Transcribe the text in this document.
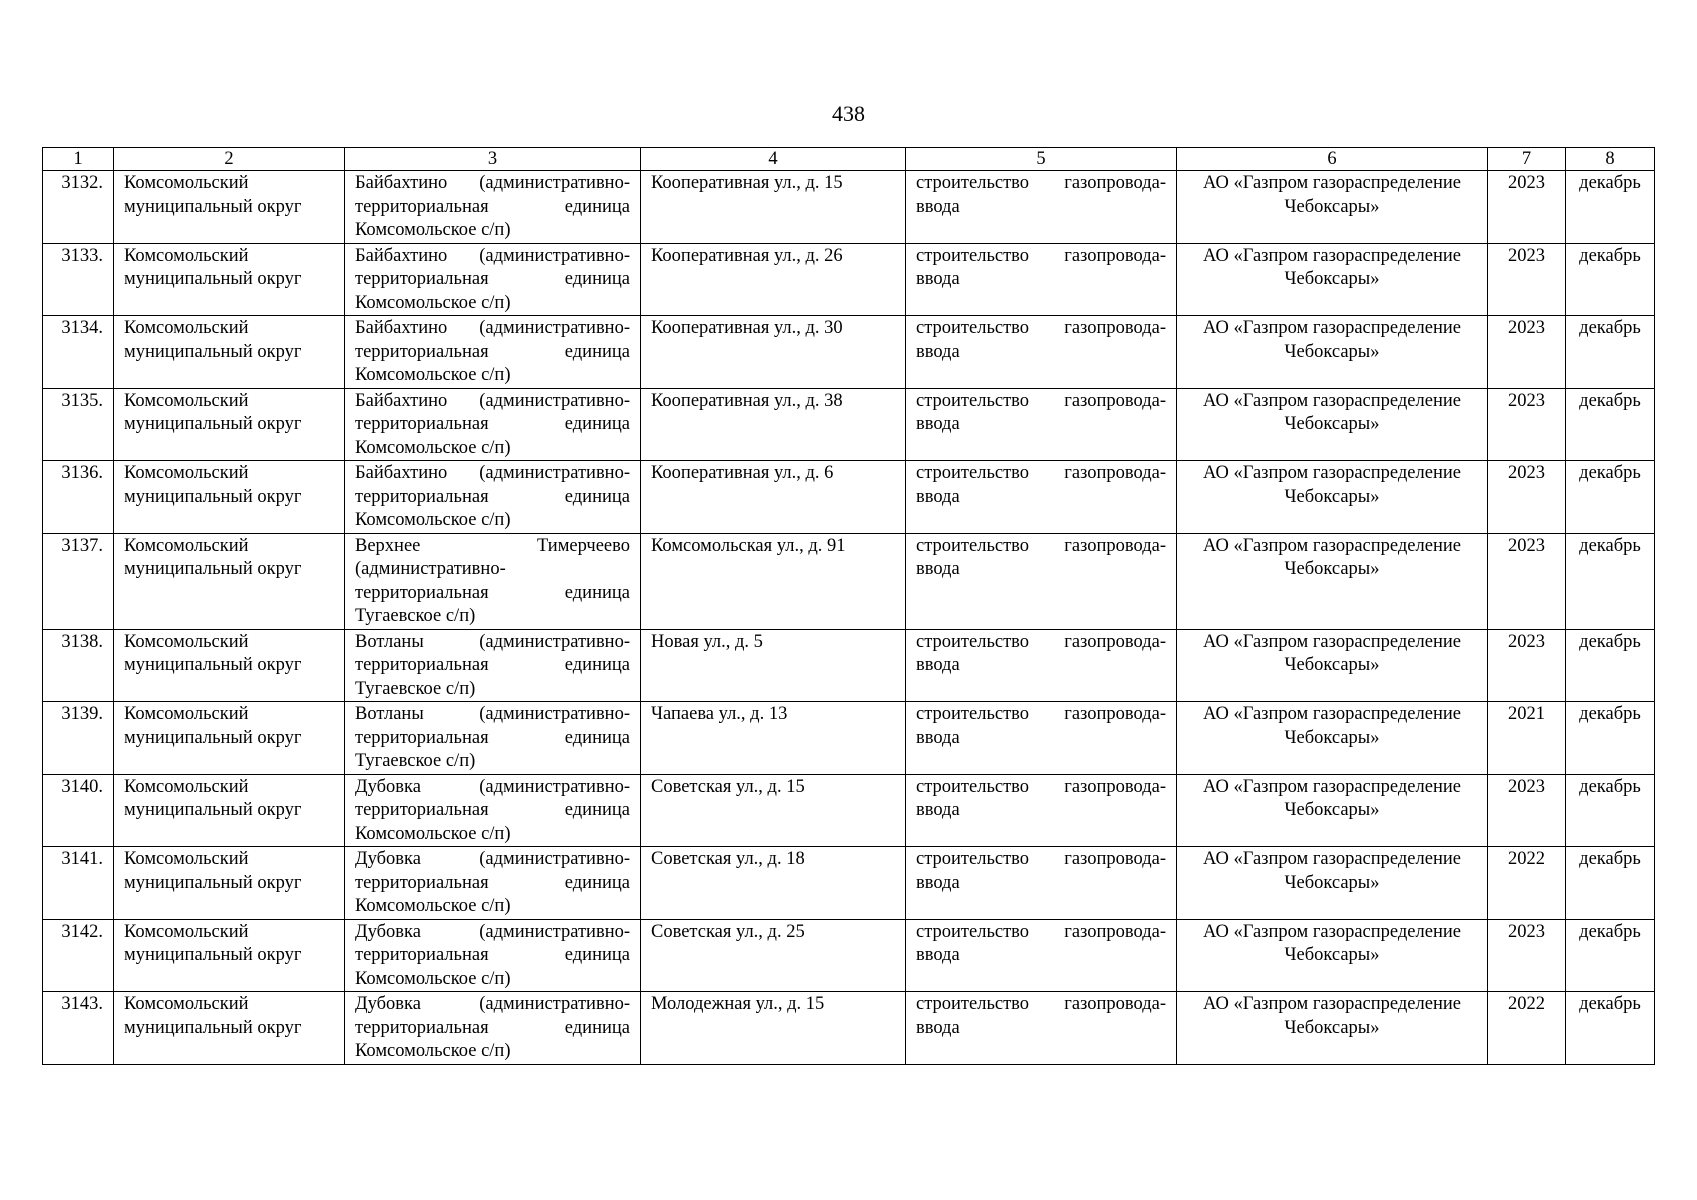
438
1	2	3	4	5	6	7	8
3132.	Комсомольский муниципальный округ	Байбахтино (административно-территориальная единица Комсомольское с/п)	Кооперативная ул., д. 15	строительство газопровода-ввода	АО «Газпром газораспределение Чебоксары»	2023	декабрь
3133.	Комсомольский муниципальный округ	Байбахтино (административно-территориальная единица Комсомольское с/п)	Кооперативная ул., д. 26	строительство газопровода-ввода	АО «Газпром газораспределение Чебоксары»	2023	декабрь
3134.	Комсомольский муниципальный округ	Байбахтино (административно-территориальная единица Комсомольское с/п)	Кооперативная ул., д. 30	строительство газопровода-ввода	АО «Газпром газораспределение Чебоксары»	2023	декабрь
3135.	Комсомольский муниципальный округ	Байбахтино (административно-территориальная единица Комсомольское с/п)	Кооперативная ул., д. 38	строительство газопровода-ввода	АО «Газпром газораспределение Чебоксары»	2023	декабрь
3136.	Комсомольский муниципальный округ	Байбахтино (административно-территориальная единица Комсомольское с/п)	Кооперативная ул., д. 6	строительство газопровода-ввода	АО «Газпром газораспределение Чебоксары»	2023	декабрь
3137.	Комсомольский муниципальный округ	Верхнее Тимерчеево (административно-территориальная единица Тугаевское с/п)	Комсомольская ул., д. 91	строительство газопровода-ввода	АО «Газпром газораспределение Чебоксары»	2023	декабрь
3138.	Комсомольский муниципальный округ	Вотланы (административно-территориальная единица Тугаевское с/п)	Новая ул., д. 5	строительство газопровода-ввода	АО «Газпром газораспределение Чебоксары»	2023	декабрь
3139.	Комсомольский муниципальный округ	Вотланы (административно-территориальная единица Тугаевское с/п)	Чапаева ул., д. 13	строительство газопровода-ввода	АО «Газпром газораспределение Чебоксары»	2021	декабрь
3140.	Комсомольский муниципальный округ	Дубовка (административно-территориальная единица Комсомольское с/п)	Советская ул., д. 15	строительство газопровода-ввода	АО «Газпром газораспределение Чебоксары»	2023	декабрь
3141.	Комсомольский муниципальный округ	Дубовка (административно-территориальная единица Комсомольское с/п)	Советская ул., д. 18	строительство газопровода-ввода	АО «Газпром газораспределение Чебоксары»	2022	декабрь
3142.	Комсомольский муниципальный округ	Дубовка (административно-территориальная единица Комсомольское с/п)	Советская ул., д. 25	строительство газопровода-ввода	АО «Газпром газораспределение Чебоксары»	2023	декабрь
3143.	Комсомольский муниципальный округ	Дубовка (административно-территориальная единица Комсомольское с/п)	Молодежная ул., д. 15	строительство газопровода-ввода	АО «Газпром газораспределение Чебоксары»	2022	декабрь
